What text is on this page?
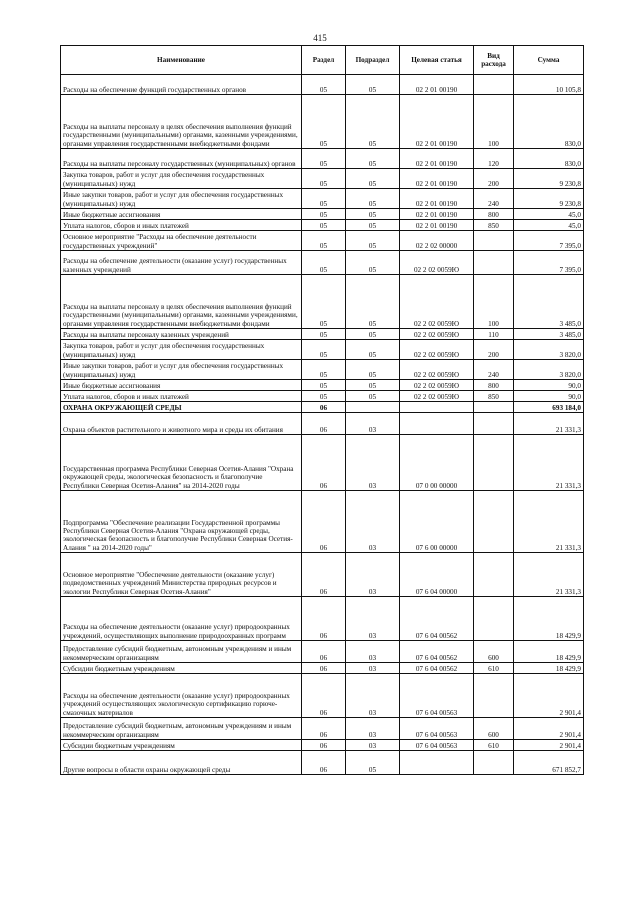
415
Наименование	Раздел	Подраздел	Целевая статья	Вид расхода	Сумма
Расходы на обеспечение функций государственных органов	05	05	02 2 01 00190		10 105,8
Расходы на выплаты персоналу в целях обеспечения выполнения функций государственными (муниципальными) органами, казенными учреждениями, органами управления государственными внебюджетными фондами	05	05	02 2 01 00190	100	830,0
Расходы на выплаты персоналу государственных (муниципальных) органов	05	05	02 2 01 00190	120	830,0
Закупка товаров, работ и услуг для обеспечения государственных (муниципальных) нужд	05	05	02 2 01 00190	200	9 230,8
Иные закупки товаров, работ и услуг для обеспечения государственных (муниципальных) нужд	05	05	02 2 01 00190	240	9 230,8
Иные бюджетные ассигнования	05	05	02 2 01 00190	800	45,0
Уплата налогов, сборов и иных платежей	05	05	02 2 01 00190	850	45,0
Основное мероприятие "Расходы на обеспечение деятельности государственных учреждений"	05	05	02 2 02 00000		7 395,0
Расходы на обеспечение деятельности (оказание услуг) государственных казенных учреждений	05	05	02 2 02 0059Ю		7 395,0
Расходы на выплаты персоналу в целях обеспечения выполнения функций государственными (муниципальными) органами, казенными учреждениями, органами управления государственными внебюджетными фондами	05	05	02 2 02 0059Ю	100	3 485,0
Расходы на выплаты персоналу казенных учреждений	05	05	02 2 02 0059Ю	110	3 485,0
Закупка товаров, работ и услуг для обеспечения государственных (муниципальных) нужд	05	05	02 2 02 0059Ю	200	3 820,0
Иные закупки товаров, работ и услуг для обеспечения государственных (муниципальных) нужд	05	05	02 2 02 0059Ю	240	3 820,0
Иные бюджетные ассигнования	05	05	02 2 02 0059Ю	800	90,0
Уплата налогов, сборов и иных платежей	05	05	02 2 02 0059Ю	850	90,0
ОХРАНА ОКРУЖАЮЩЕЙ СРЕДЫ	06				693 184,0
Охрана объектов растительного и животного мира и среды их обитания	06	03			21 331,3
Государственная программа Республики Северная Осетия-Алания "Охрана окружающей среды, экологическая безопасность и благополучие Республики Северная Осетия-Алания" на 2014-2020 годы	06	03	07 0 00 00000		21 331,3
Подпрограмма "Обеспечение реализации Государственной программы Республики Северная Осетия-Алания "Охрана окружающей среды, экологическая безопасность и благополучие Республики Северная Осетия-Алания " на 2014-2020 годы"	06	03	07 6 00 00000		21 331,3
Основное мероприятие "Обеспечение деятельности (оказание услуг) подведомственных учреждений Министерства природных ресурсов и экологии Республики Северная Осетия-Алания"	06	03	07 6 04 00000		21 331,3
Расходы на обеспечение деятельности (оказание услуг) природоохранных учреждений, осуществляющих выполнение природоохранных программ	06	03	07 6 04 00562		18 429,9
Предоставление субсидий бюджетным, автономным учреждениям и иным некоммерческим организациям	06	03	07 6 04 00562	600	18 429,9
Субсидии бюджетным учреждениям	06	03	07 6 04 00562	610	18 429,9
Расходы на обеспечение деятельности (оказание услуг) природоохранных учреждений осуществляющих экологическую сертификацию горюче-смазочных материалов	06	03	07 6 04 00563		2 901,4
Предоставление субсидий бюджетным, автономным учреждениям и иным некоммерческим организациям	06	03	07 6 04 00563	600	2 901,4
Субсидии бюджетным учреждениям	06	03	07 6 04 00563	610	2 901,4
Другие вопросы в области охраны окружающей среды	06	05			671 852,7
